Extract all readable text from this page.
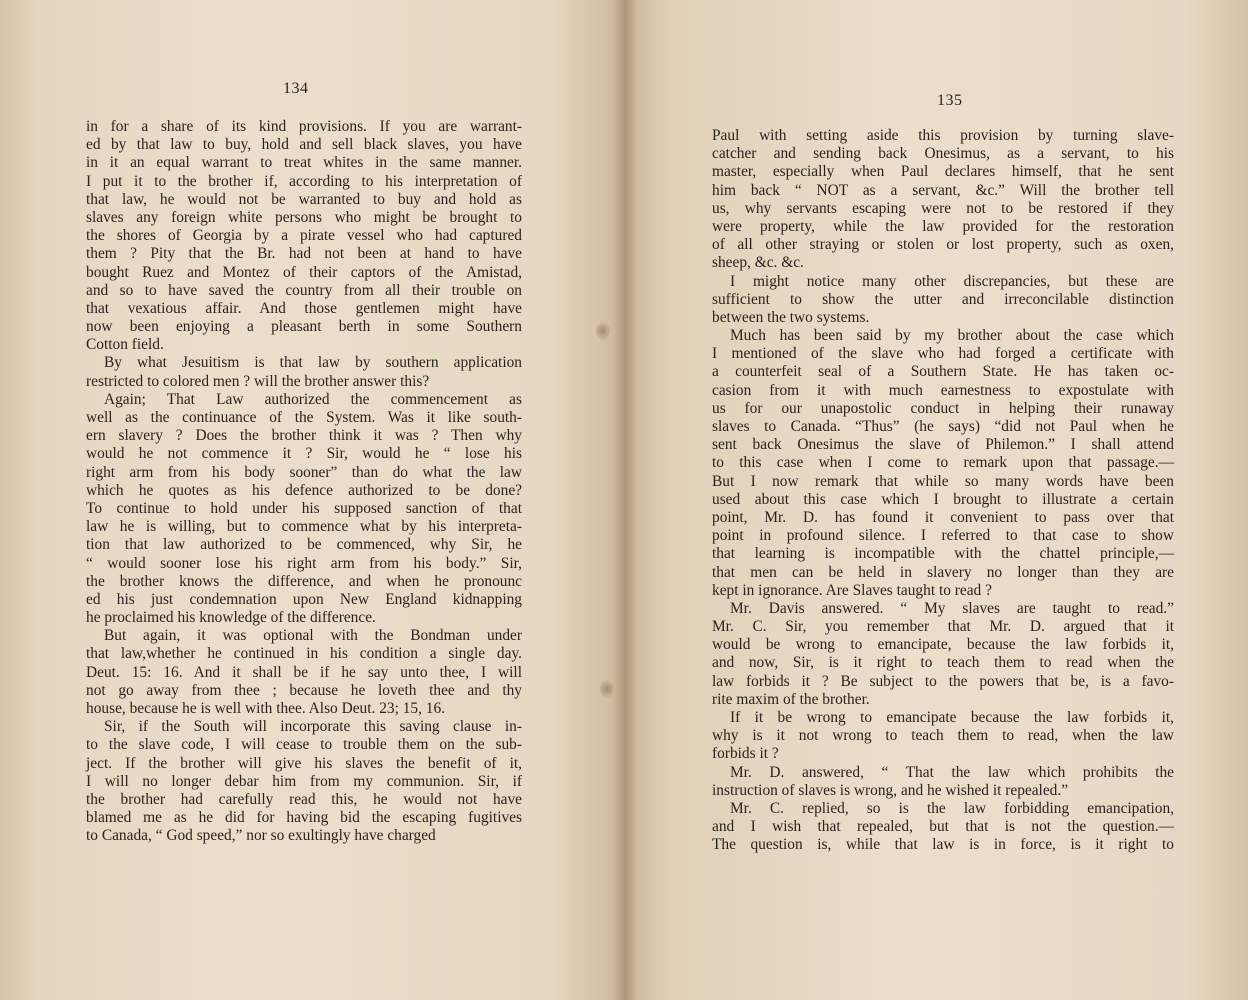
134
in for a share of its kind provisions. If you are warrant-
ed by that law to buy, hold and sell black slaves, you have
in it an equal warrant to treat whites in the same manner.
I put it to the brother if, according to his interpretation of
that law, he would not be warranted to buy and hold as
slaves any foreign white persons who might be brought to
the shores of Georgia by a pirate vessel who had captured
them ? Pity that the Br. had not been at hand to have
bought Ruez and Montez of their captors of the Amistad,
and so to have saved the country from all their trouble on
that vexatious affair. And those gentlemen might have
now been enjoying a pleasant berth in some Southern
Cotton field.
By what Jesuitism is that law by southern application
restricted to colored men ? will the brother answer this?
Again; That Law authorized the commencement as
well as the continuance of the System. Was it like south-
ern slavery ? Does the brother think it was ? Then why
would he not commence it ? Sir, would he “ lose his
right arm from his body sooner” than do what the law
which he quotes as his defence authorized to be done?
To continue to hold under his supposed sanction of that
law he is willing, but to commence what by his interpreta-
tion that law authorized to be commenced, why Sir, he
“ would sooner lose his right arm from his body.” Sir,
the brother knows the difference, and when he pronounc
ed his just condemnation upon New England kidnapping
he proclaimed his knowledge of the difference.
But again, it was optional with the Bondman under
that law,whether he continued in his condition a single day.
Deut. 15: 16. And it shall be if he say unto thee, I will
not go away from thee ; because he loveth thee and thy
house, because he is well with thee. Also Deut. 23; 15, 16.
Sir, if the South will incorporate this saving clause in-
to the slave code, I will cease to trouble them on the sub-
ject. If the brother will give his slaves the benefit of it,
I will no longer debar him from my communion. Sir, if
the brother had carefully read this, he would not have
blamed me as he did for having bid the escaping fugitives
to Canada, “ God speed,” nor so exultingly have charged
135
Paul with setting aside this provision by turning slave-
catcher and sending back Onesimus, as a servant, to his
master, especially when Paul declares himself, that he sent
him back “ NOT as a servant, &c.” Will the brother tell
us, why servants escaping were not to be restored if they
were property, while the law provided for the restoration
of all other straying or stolen or lost property, such as oxen,
sheep, &c. &c.
I might notice many other discrepancies, but these are
sufficient to show the utter and irreconcilable distinction
between the two systems.
Much has been said by my brother about the case which
I mentioned of the slave who had forged a certificate with
a counterfeit seal of a Southern State. He has taken oc-
casion from it with much earnestness to expostulate with
us for our unapostolic conduct in helping their runaway
slaves to Canada. “Thus” (he says) “did not Paul when he
sent back Onesimus the slave of Philemon.” I shall attend
to this case when I come to remark upon that passage.—
But I now remark that while so many words have been
used about this case which I brought to illustrate a certain
point, Mr. D. has found it convenient to pass over that
point in profound silence. I referred to that case to show
that learning is incompatible with the chattel principle,—
that men can be held in slavery no longer than they are
kept in ignorance. Are Slaves taught to read ?
Mr. Davis answered. “ My slaves are taught to read.”
Mr. C. Sir, you remember that Mr. D. argued that it
would be wrong to emancipate, because the law forbids it,
and now, Sir, is it right to teach them to read when the
law forbids it ? Be subject to the powers that be, is a favo-
rite maxim of the brother.
If it be wrong to emancipate because the law forbids it,
why is it not wrong to teach them to read, when the law
forbids it ?
Mr. D. answered, “ That the law which prohibits the
instruction of slaves is wrong, and he wished it repealed.”
Mr. C. replied, so is the law forbidding emancipation,
and I wish that repealed, but that is not the question.—
The question is, while that law is in force, is it right to
